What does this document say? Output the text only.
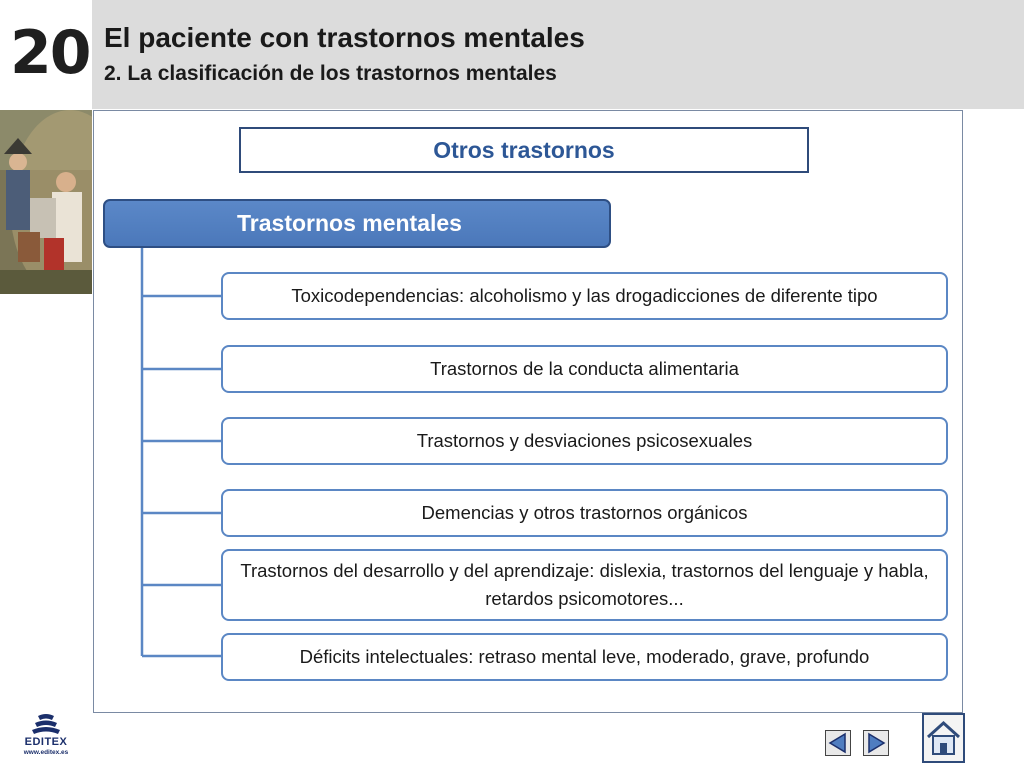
20 El paciente con trastornos mentales
2. La clasificación de los trastornos mentales
Otros trastornos
Trastornos mentales
Toxicodependencias: alcoholismo y las drogadicciones de diferente tipo
Trastornos de la conducta alimentaria
Trastornos y desviaciones psicosexuales
Demencias y otros trastornos orgánicos
Trastornos del desarrollo y del aprendizaje: dislexia, trastornos del lenguaje y habla, retardos psicomotores...
Déficits intelectuales: retraso mental leve, moderado, grave, profundo
EDITEX
www.editex.es
